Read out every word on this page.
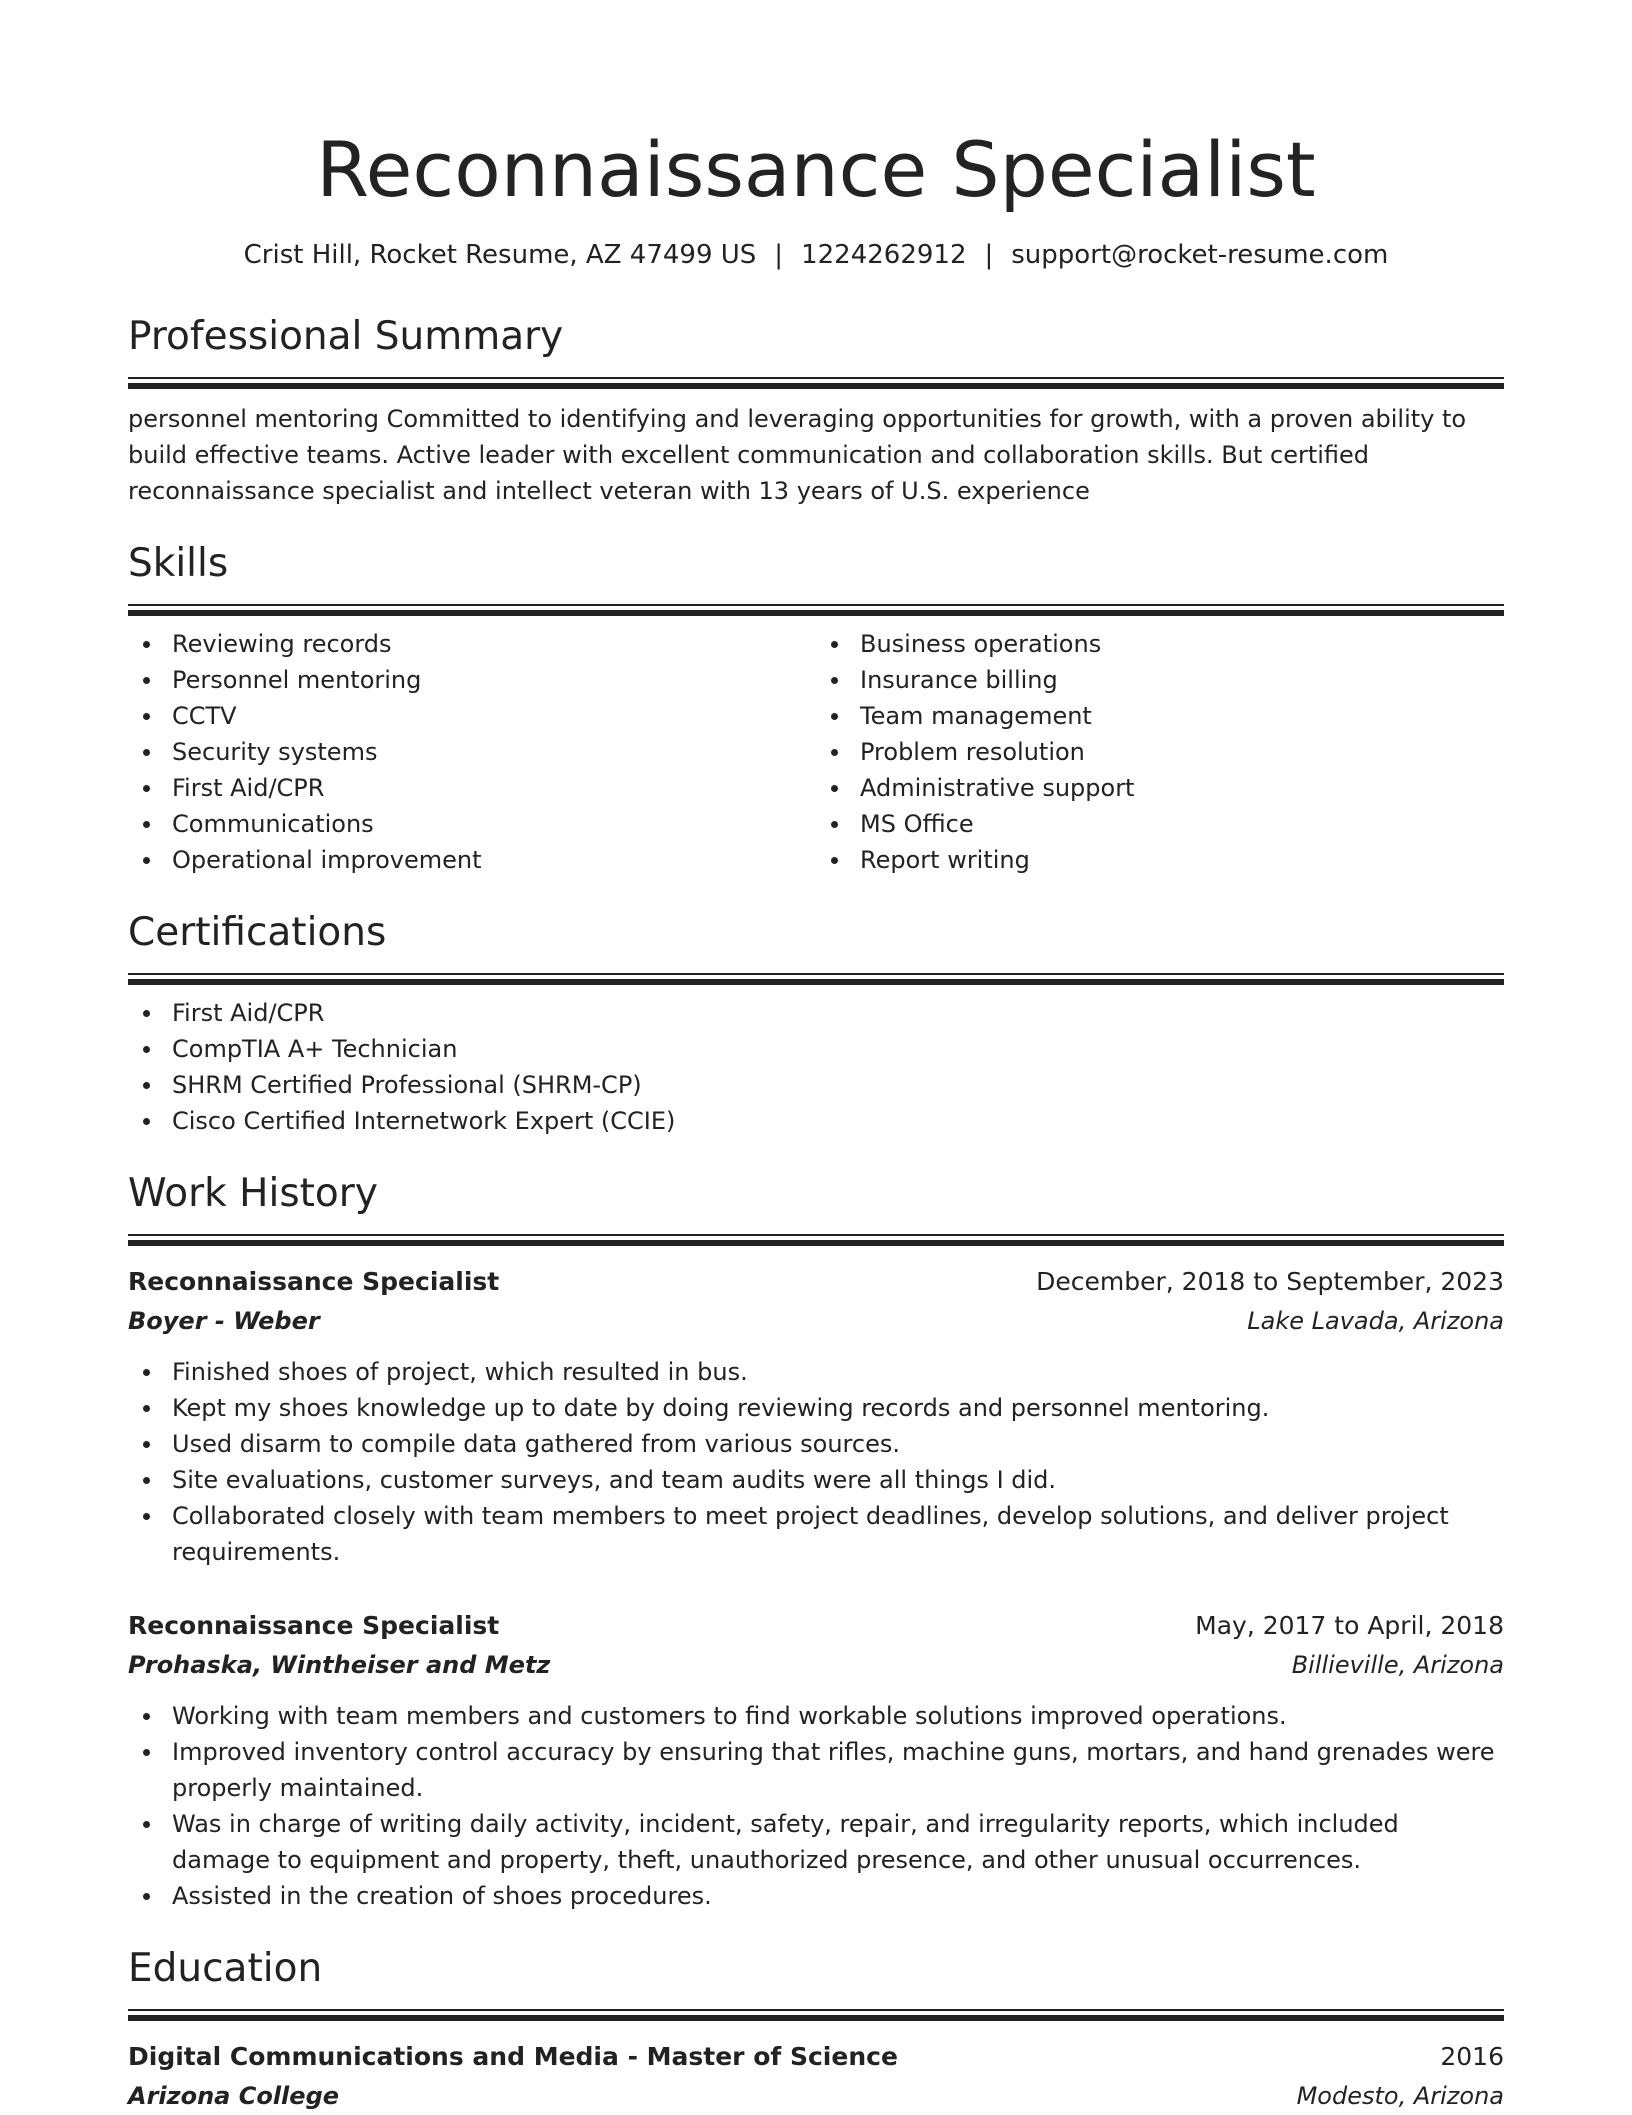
Reconnaissance Specialist
Crist Hill, Rocket Resume, AZ 47499 US | 1224262912 | support@rocket-resume.com
Professional Summary
personnel mentoring Committed to identifying and leveraging opportunities for growth, with a proven ability to build effective teams. Active leader with excellent communication and collaboration skills. But certified reconnaissance specialist and intellect veteran with 13 years of U.S. experience
Skills
Reviewing records
Personnel mentoring
CCTV
Security systems
First Aid/CPR
Communications
Operational improvement
Business operations
Insurance billing
Team management
Problem resolution
Administrative support
MS Office
Report writing
Certifications
First Aid/CPR
CompTIA A+ Technician
SHRM Certified Professional (SHRM-CP)
Cisco Certified Internetwork Expert (CCIE)
Work History
Reconnaissance Specialist	December, 2018 to September, 2023
Boyer - Weber	Lake Lavada, Arizona
Finished shoes of project, which resulted in bus.
Kept my shoes knowledge up to date by doing reviewing records and personnel mentoring.
Used disarm to compile data gathered from various sources.
Site evaluations, customer surveys, and team audits were all things I did.
Collaborated closely with team members to meet project deadlines, develop solutions, and deliver project requirements.
Reconnaissance Specialist	May, 2017 to April, 2018
Prohaska, Wintheiser and Metz	Billieville, Arizona
Working with team members and customers to find workable solutions improved operations.
Improved inventory control accuracy by ensuring that rifles, machine guns, mortars, and hand grenades were properly maintained.
Was in charge of writing daily activity, incident, safety, repair, and irregularity reports, which included damage to equipment and property, theft, unauthorized presence, and other unusual occurrences.
Assisted in the creation of shoes procedures.
Education
Digital Communications and Media - Master of Science	2016
Arizona College	Modesto, Arizona
